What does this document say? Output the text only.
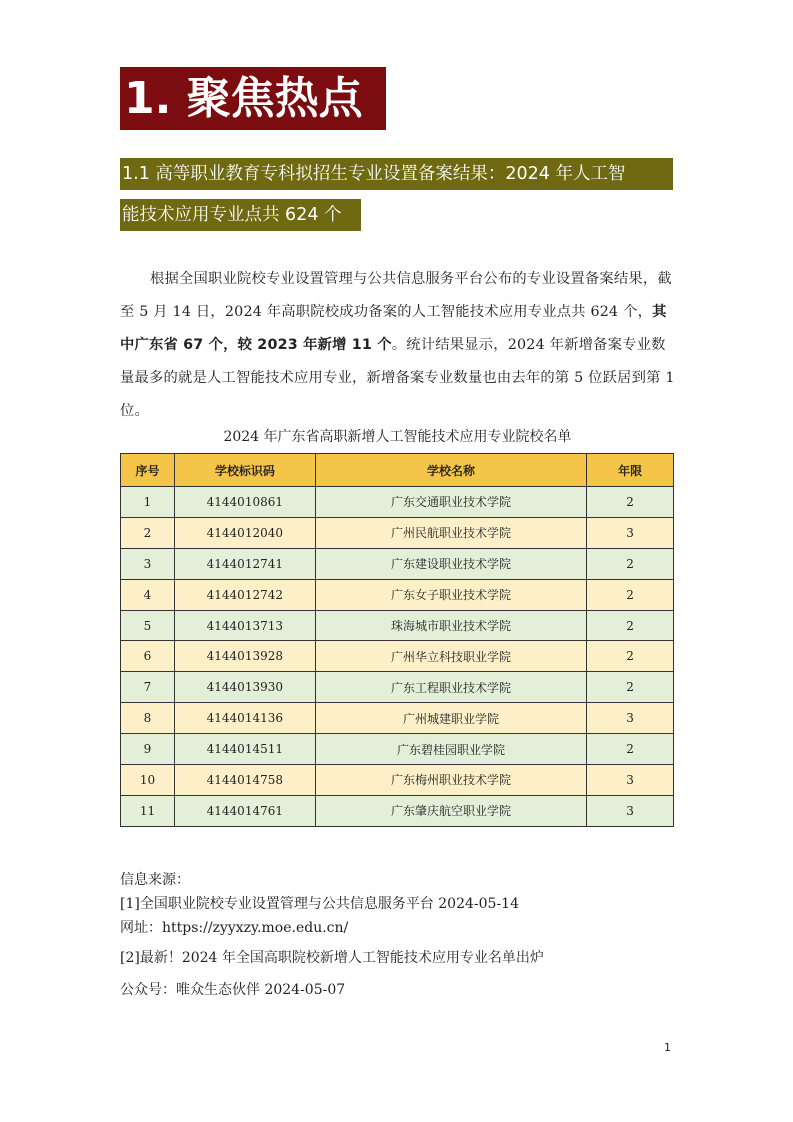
1. 聚焦热点
1.1 高等职业教育专科拟招生专业设置备案结果：2024 年人工智
能技术应用专业点共 624 个
根据全国职业院校专业设置管理与公共信息服务平台公布的专业设置备案结果，截至 5 月 14 日，2024 年高职院校成功备案的人工智能技术应用专业点共 624 个，其中广东省 67 个，较 2023 年新增 11 个。统计结果显示，2024 年新增备案专业数量最多的就是人工智能技术应用专业，新增备案专业数量也由去年的第 5 位跃居到第 1 位。
2024 年广东省高职新增人工智能技术应用专业院校名单
序号	学校标识码	学校名称	年限
1	4144010861	广东交通职业技术学院	2
2	4144012040	广州民航职业技术学院	3
3	4144012741	广东建设职业技术学院	2
4	4144012742	广东女子职业技术学院	2
5	4144013713	珠海城市职业技术学院	2
6	4144013928	广州华立科技职业学院	2
7	4144013930	广东工程职业技术学院	2
8	4144014136	广州城建职业学院	3
9	4144014511	广东碧桂园职业学院	2
10	4144014758	广东梅州职业技术学院	3
11	4144014761	广东肇庆航空职业学院	3
信息来源：
[1]全国职业院校专业设置管理与公共信息服务平台 2024-05-14
网址：https://zyyxzy.moe.edu.cn/
[2]最新！2024 年全国高职院校新增人工智能技术应用专业名单出炉
公众号：唯众生态伙伴 2024-05-07
1
